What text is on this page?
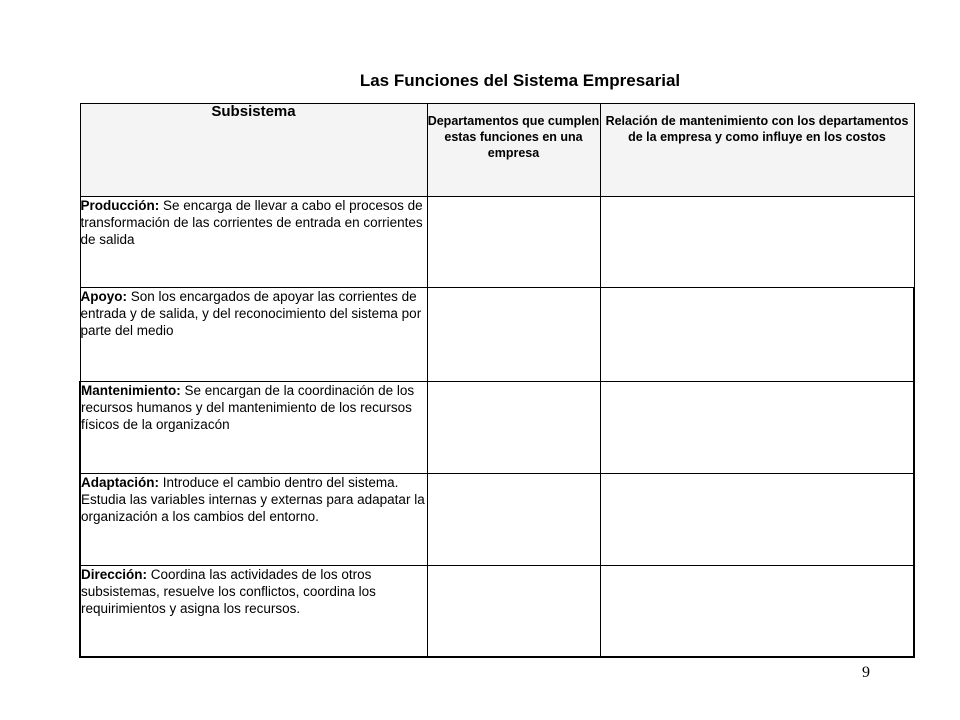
Las Funciones del Sistema Empresarial
Subsistema	Departamentos que cumplen estas funciones en una empresa	Relación de mantenimiento con los departamentos de la empresa y como influye en los costos
Producción: Se encarga de llevar a cabo el procesos de transformación de las corrientes de entrada en corrientes de salida		
Apoyo: Son los encargados de apoyar las corrientes de entrada y de salida, y del reconocimiento del sistema por parte del medio		
Mantenimiento: Se encargan de la coordinación de los recursos humanos y del mantenimiento de los recursos físicos de la organizacón		
Adaptación: Introduce el cambio dentro del sistema. Estudia las variables internas y externas para adapatar la organización a los cambios del entorno.		
Dirección: Coordina las actividades de los otros subsistemas, resuelve los conflictos, coordina los requirimientos y asigna los recursos.		
9
